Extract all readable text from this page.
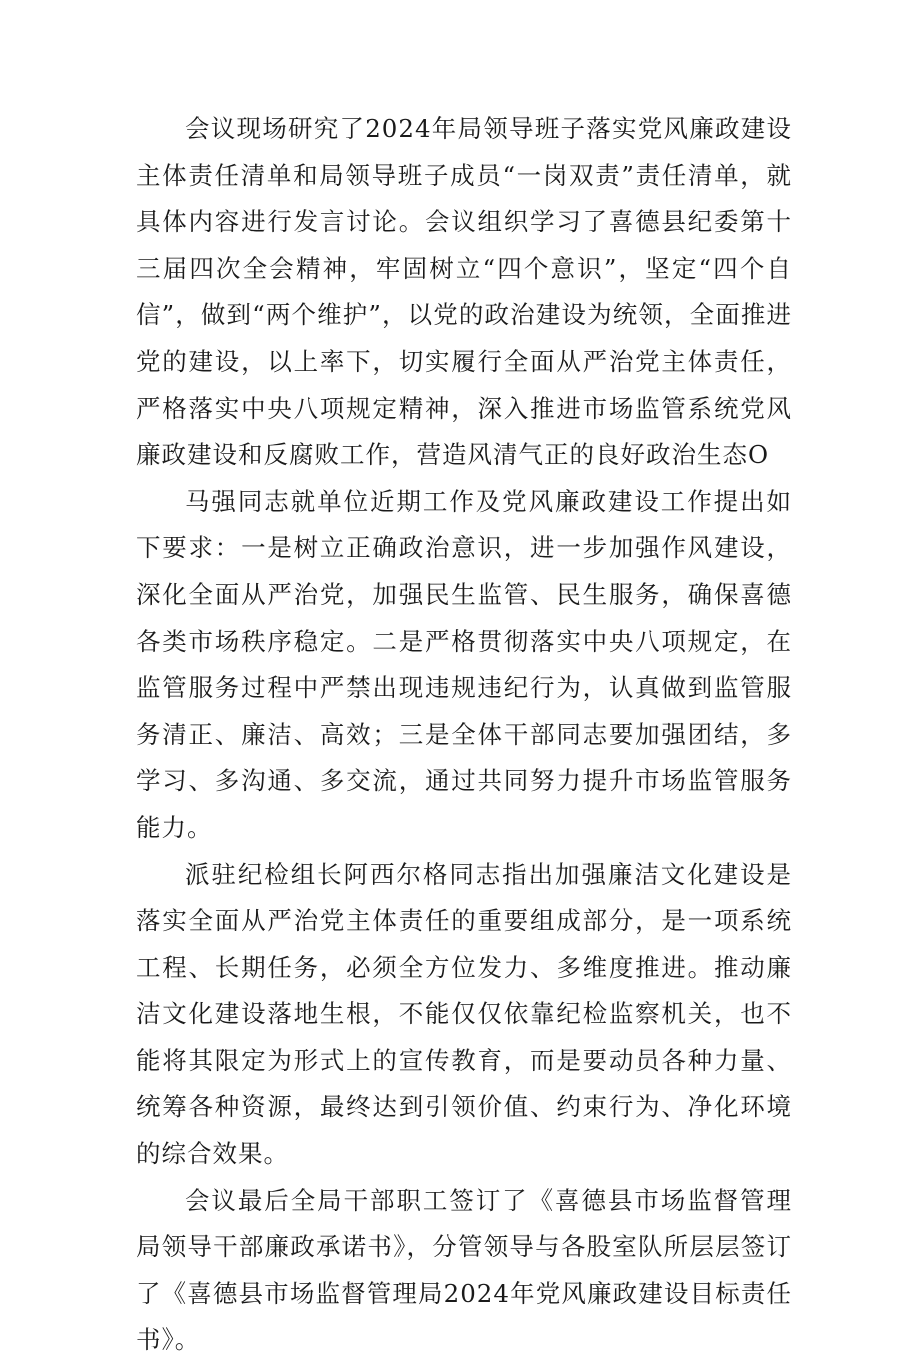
会议现场研究了2024年局领导班子落实党风廉政建设主体责任清单和局领导班子成员“一岗双责”责任清单，就具体内容进行发言讨论。会议组织学习了喜德县纪委第十三届四次全会精神，牢固树立“四个意识”，坚定“四个自信”，做到“两个维护”，以党的政治建设为统领，全面推进党的建设，以上率下，切实履行全面从严治党主体责任，严格落实中央八项规定精神，深入推进市场监管系统党风廉政建设和反腐败工作，营造风清气正的良好政治生态O

马强同志就单位近期工作及党风廉政建设工作提出如下要求：一是树立正确政治意识，进一步加强作风建设，深化全面从严治党，加强民生监管、民生服务，确保喜德各类市场秩序稳定。二是严格贯彻落实中央八项规定，在监管服务过程中严禁出现违规违纪行为，认真做到监管服务清正、廉洁、高效；三是全体干部同志要加强团结，多学习、多沟通、多交流，通过共同努力提升市场监管服务能力。

派驻纪检组长阿西尔格同志指出加强廉洁文化建设是落实全面从严治党主体责任的重要组成部分，是一项系统工程、长期任务，必须全方位发力、多维度推进。推动廉洁文化建设落地生根，不能仅仅依靠纪检监察机关，也不能将其限定为形式上的宣传教育，而是要动员各种力量、统筹各种资源，最终达到引领价值、约束行为、净化环境的综合效果。

会议最后全局干部职工签订了《喜德县市场监督管理局领导干部廉政承诺书》，分管领导与各股室队所层层签订了《喜德县市场监督管理局2024年党风廉政建设目标责任书》。
